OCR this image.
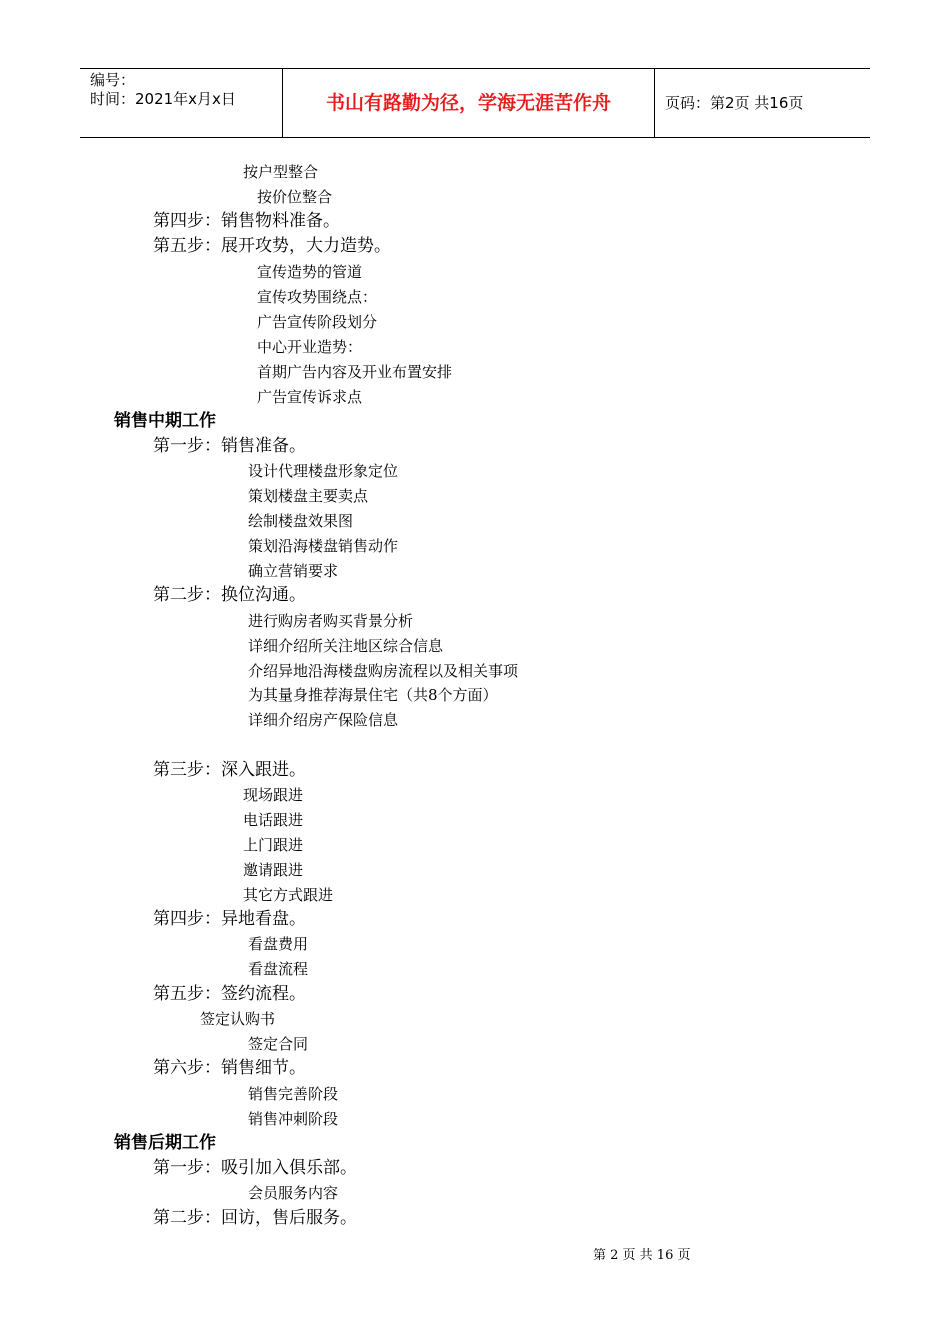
编号：
时间：2021年x月x日	书山有路勤为径，学海无涯苦作舟	页码：第2页 共16页
按户型整合
按价位整合
第四步：销售物料准备。
第五步：展开攻势，大力造势。
宣传造势的管道
宣传攻势围绕点：
广告宣传阶段划分
中心开业造势：
首期广告内容及开业布置安排
广告宣传诉求点
销售中期工作
第一步：销售准备。
设计代理楼盘形象定位
策划楼盘主要卖点
绘制楼盘效果图
策划沿海楼盘销售动作
确立营销要求
第二步：换位沟通。
进行购房者购买背景分析
详细介绍所关注地区综合信息
介绍异地沿海楼盘购房流程以及相关事项
为其量身推荐海景住宅（共8个方面）
详细介绍房产保险信息
第三步：深入跟进。
现场跟进
电话跟进
上门跟进
邀请跟进
其它方式跟进
第四步：异地看盘。
看盘费用
看盘流程
第五步：签约流程。
签定认购书
签定合同
第六步：销售细节。
销售完善阶段
销售冲刺阶段
销售后期工作
第一步：吸引加入俱乐部。
会员服务内容
第二步：回访，售后服务。
第 2 页 共 16 页
